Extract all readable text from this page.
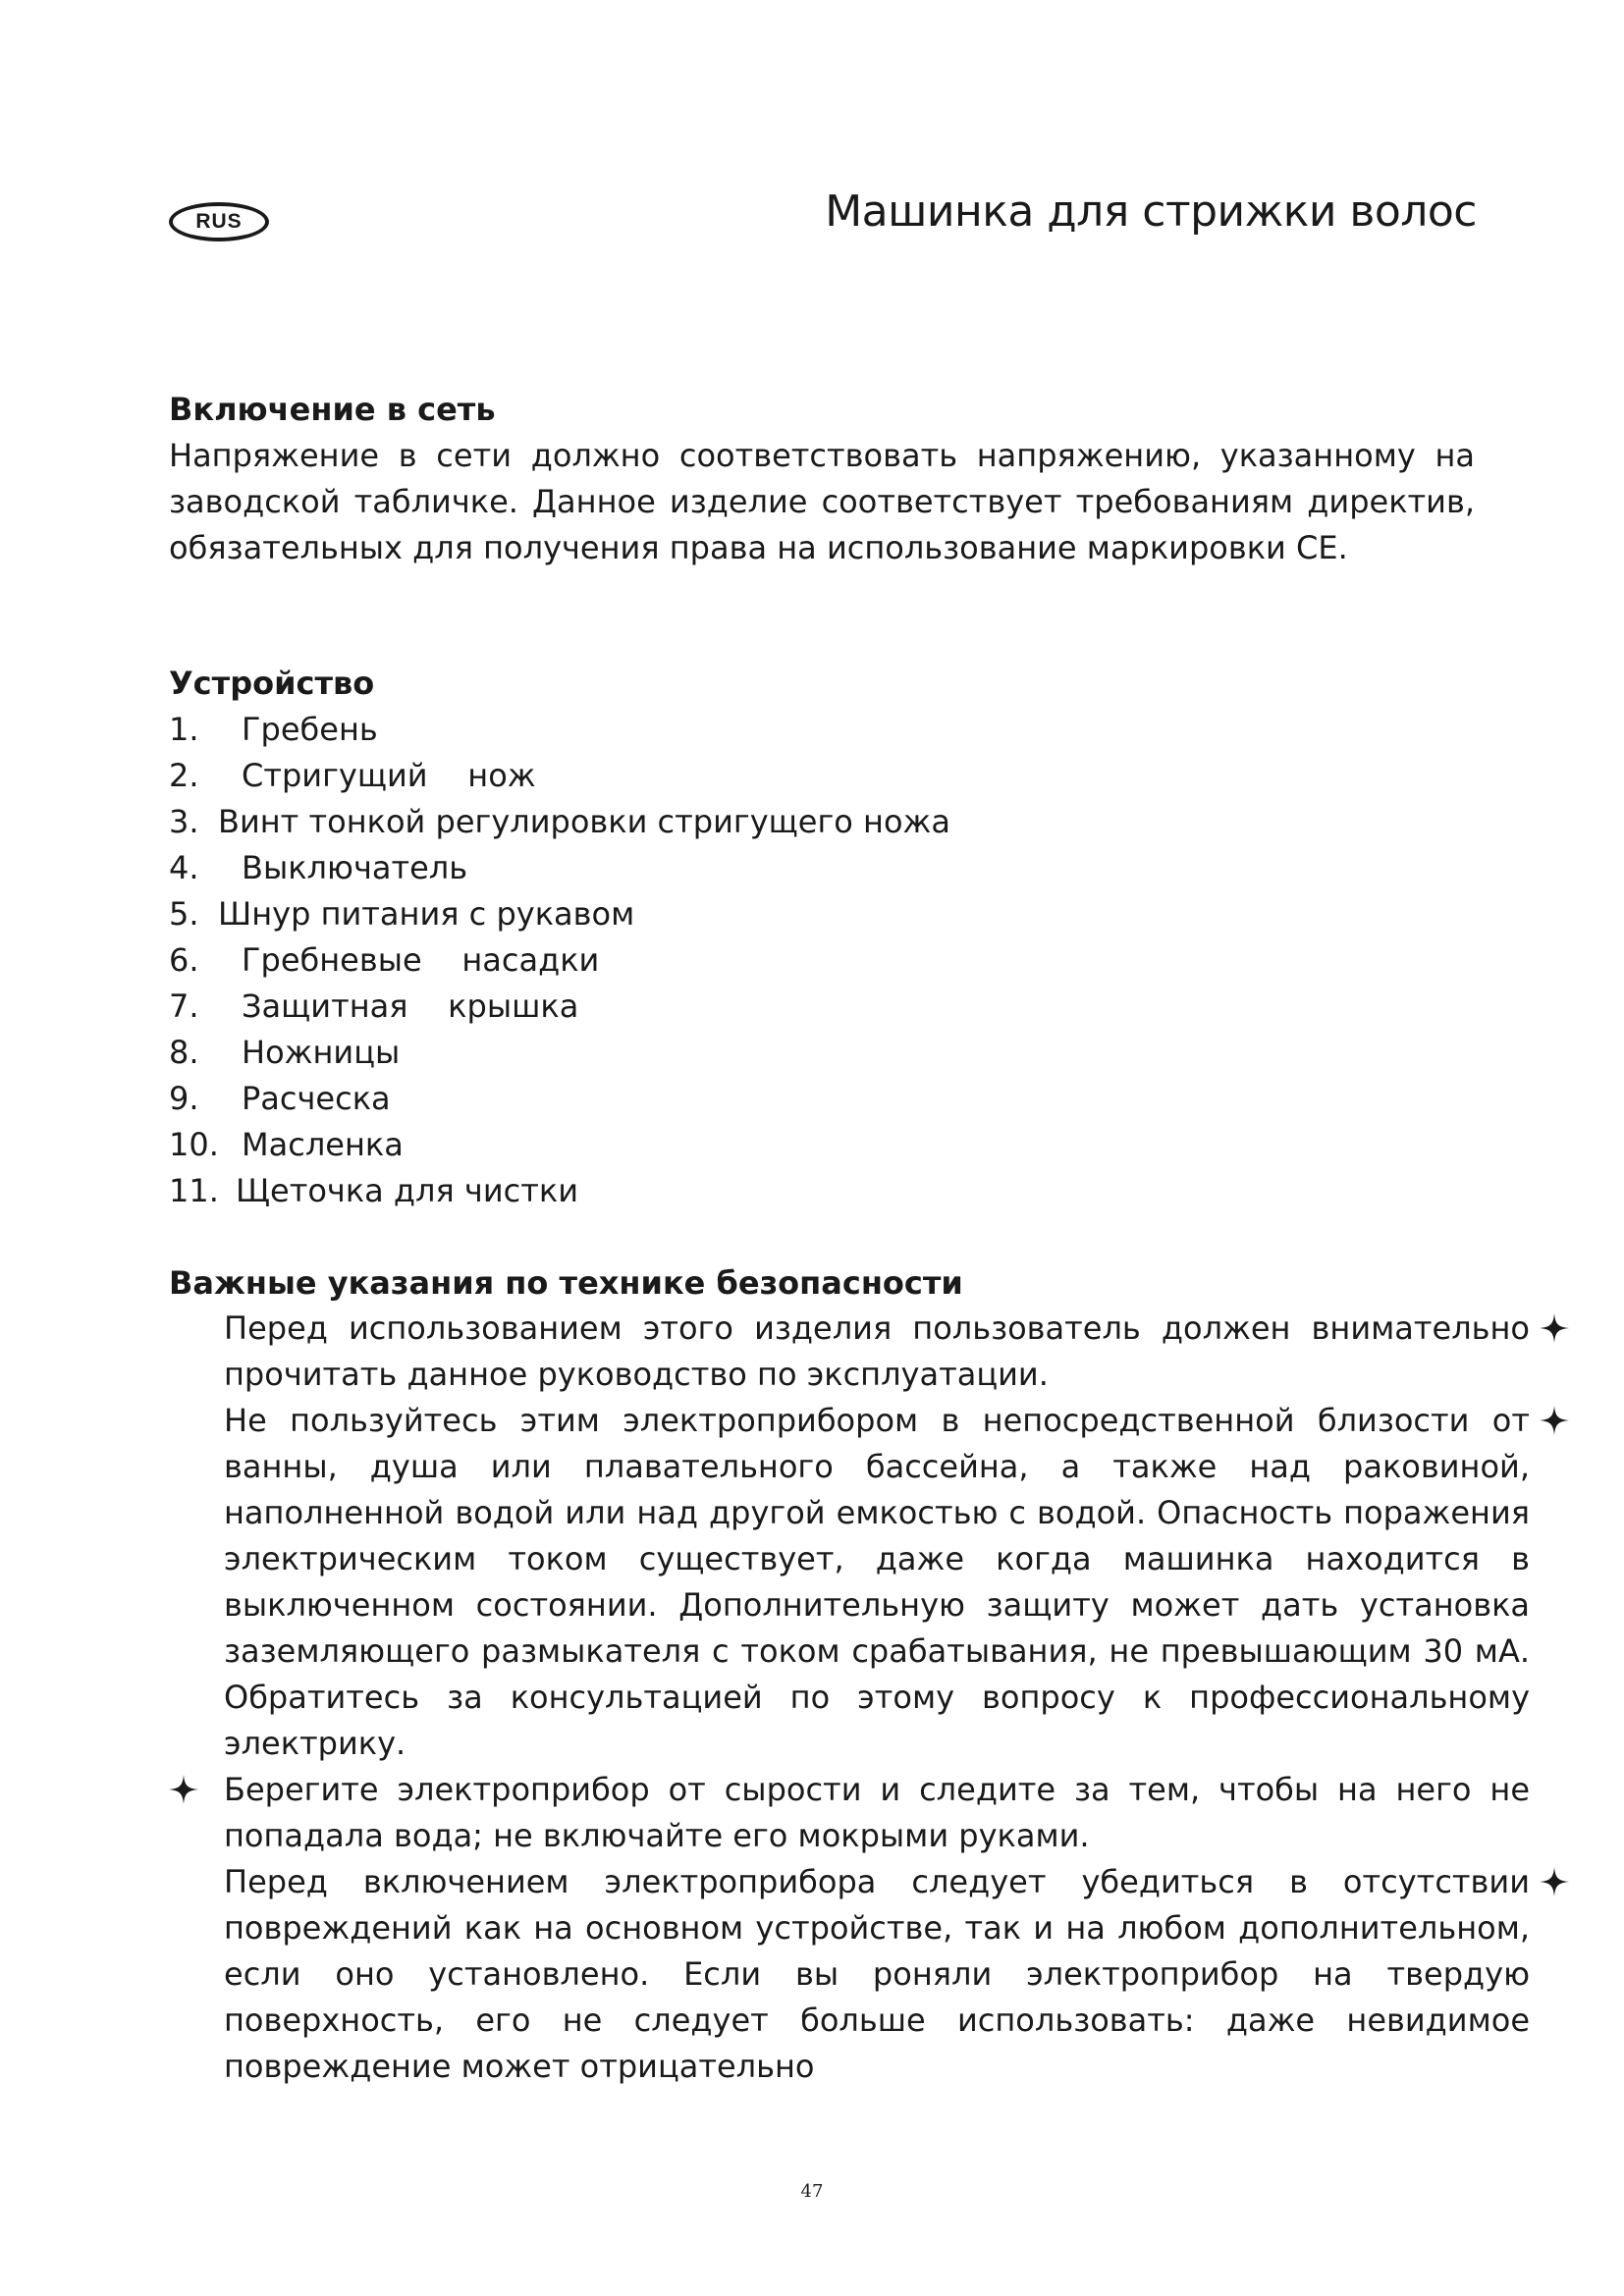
RUS	Машинка для стрижки волос
Включение в сеть

Напряжение в сети должно соответствовать напряжению, указанному на заводской табличке. Данное изделие соответствует требованиям директив, обязательных для получения права на использование маркировки CE.

Устройство
1.	Гребень
2.	Стригущий    нож
3. Винт тонкой регулировки стригущего ножа
4.	Выключатель
5. Шнур питания с рукавом
6.	Гребневые    насадки
7.	Защитная    крышка
8.	Ножницы
9.	Расческа
10. Масленка
11. Щеточка для чистки
Важные указания по технике безопасности

Перед использованием этого изделия пользователь должен внимательно прочитать данное руководство по эксплуатации.

Не пользуйтесь этим электроприбором в непосредственной близости от ванны, душа или плавательного бассейна, а также над раковиной, наполненной водой или над другой емкостью с водой. Опасность поражения электрическим током существует, даже когда машинка находится в выключенном состоянии. Дополнительную защиту может дать установка заземляющего размыкателя с током срабатывания, не превышающим 30 мА. Обратитесь за консультацией по этому вопросу к профессиональному электрику.

Берегите электроприбор от сырости и следите за тем, чтобы на него не попадала вода; не включайте его мокрыми руками.

Перед включением электроприбора следует убедиться в отсутствии повреждений как на основном устройстве, так и на любом дополнительном, если оно установлено. Если вы роняли электроприбор на твердую поверхность, его не следует больше использовать: даже невидимое повреждение может отрицательно

47
